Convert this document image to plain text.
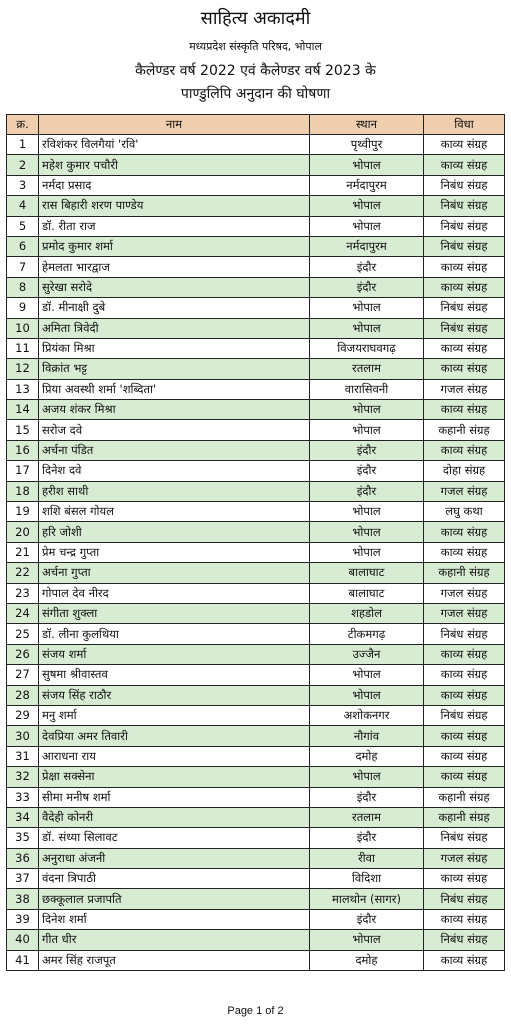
साहित्य अकादमी
मध्यप्रदेश संस्कृति परिषद, भोपाल
कैलेण्डर वर्ष 2022 एवं कैलेण्डर वर्ष 2023 के
पाण्डुलिपि अनुदान की घोषणा
क्र.	नाम	स्थान	विधा
1	रविशंकर विलगैयां 'रवि'	पृथ्वीपुर	काव्य संग्रह
2	महेश कुमार पचौरी	भोपाल	काव्य संग्रह
3	नर्मदा प्रसाद	नर्मदापुरम	निबंध संग्रह
4	रास बिहारी शरण पाण्डेय	भोपाल	निबंध संग्रह
5	डॉ. रीता राज	भोपाल	निबंध संग्रह
6	प्रमोद कुमार शर्मा	नर्मदापुरम	निबंध संग्रह
7	हेमलता भारद्वाज	इंदौर	काव्य संग्रह
8	सुरेखा सरोदे	इंदौर	काव्य संग्रह
9	डॉ. मीनाक्षी दुबे	भोपाल	निबंध संग्रह
10	अमिता त्रिवेदी	भोपाल	निबंध संग्रह
11	प्रियंका मिश्रा	विजयराघवगढ़	काव्य संग्रह
12	विक्रांत भट्ट	रतलाम	काव्य संग्रह
13	प्रिया अवस्थी शर्मा 'शब्दिता'	वारासिवनी	गजल संग्रह
14	अजय शंकर मिश्रा	भोपाल	काव्य संग्रह
15	सरोज दवे	भोपाल	कहानी संग्रह
16	अर्चना पंडित	इंदौर	काव्य संग्रह
17	दिनेश दवे	इंदौर	दोहा संग्रह
18	हरीश साथी	इंदौर	गजल संग्रह
19	शशि बंसल गोयल	भोपाल	लघु कथा
20	हरि जोशी	भोपाल	काव्य संग्रह
21	प्रेम चन्द्र गुप्ता	भोपाल	काव्य संग्रह
22	अर्चना गुप्ता	बालाघाट	कहानी संग्रह
23	गोपाल देव नीरद	बालाघाट	गजल संग्रह
24	संगीता शुक्ला	शहडोल	गजल संग्रह
25	डॉ. लीना कुलथिया	टीकमगढ़	निबंध संग्रह
26	संजय शर्मा	उज्जैन	काव्य संग्रह
27	सुषमा श्रीवास्तव	भोपाल	काव्य संग्रह
28	संजय सिंह राठौर	भोपाल	काव्य संग्रह
29	मनु शर्मा	अशोकनगर	निबंध संग्रह
30	देवप्रिया अमर तिवारी	नौगांव	काव्य संग्रह
31	आराधना राय	दमोह	काव्य संग्रह
32	प्रेक्षा सक्सेना	भोपाल	काव्य संग्रह
33	सीमा मनीष शर्मा	इंदौर	कहानी संग्रह
34	वैदेही कोनरी	रतलाम	कहानी संग्रह
35	डॉ. संध्या सिलावट	इंदौर	निबंध संग्रह
36	अनुराधा अंजनी	रीवा	गजल संग्रह
37	वंदना त्रिपाठी	विदिशा	काव्य संग्रह
38	छक्कूलाल प्रजापति	मालथोन (सागर)	निबंध संग्रह
39	दिनेश शर्मा	इंदौर	काव्य संग्रह
40	गीत धीर	भोपाल	निबंध संग्रह
41	अमर सिंह राजपूत	दमोह	काव्य संग्रह
Page 1 of 2
